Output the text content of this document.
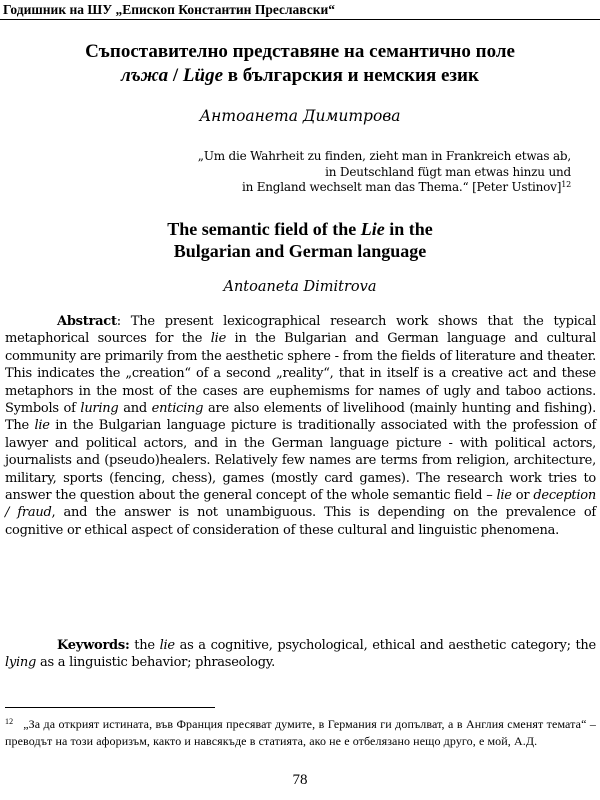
Годишник на ШУ „Епископ Константин Преславски“
Съпоставително представяне на семантично поле
лъжа / Lüge в българския и немския език
Антоанета Димитрова
„Um die Wahrheit zu finden, zieht man in Frankreich etwas ab,
in Deutschland fügt man etwas hinzu und
in England wechselt man das Thema.“ [Peter Ustinov]$^{12}$
The semantic field of the Lie in the
Bulgarian and German language
Antoaneta Dimitrova

Abstract: The present lexicographical research work shows that the typical metaphorical sources for the lie in the Bulgarian and German language and cultural community are primarily from the aesthetic sphere - from the fields of literature and theater. This indicates the „creation“ of a second „reality“, that in itself is a creative act and these metaphors in the most of the cases are euphemisms for names of ugly and taboo actions. Symbols of luring and enticing are also elements of livelihood (mainly hunting and fishing). The lie in the Bulgarian language picture is traditionally associated with the profession of lawyer and political actors, and in the German language picture - with political actors, journalists and (pseudo)healers. Relatively few names are terms from religion, architecture, military, sports (fencing, chess), games (mostly card games). The research work tries to answer the question about the general concept of the whole semantic field – lie or deception / fraud, and the answer is not unambiguous. This is depending on the prevalence of cognitive or ethical aspect of consideration of these cultural and linguistic phenomena.

Keywords: the lie as a cognitive, psychological, ethical and aesthetic category; the lying as a linguistic behavior; phraseology.

$^{12}$ „За да открият истината, във Франция пресяват думите, в Германия ги допълват, а в Англия сменят темата“ – преводът на този афоризъм, както и навсякъде в статията, ако не е отбелязано нещо друго, е мой, А.Д.

78
